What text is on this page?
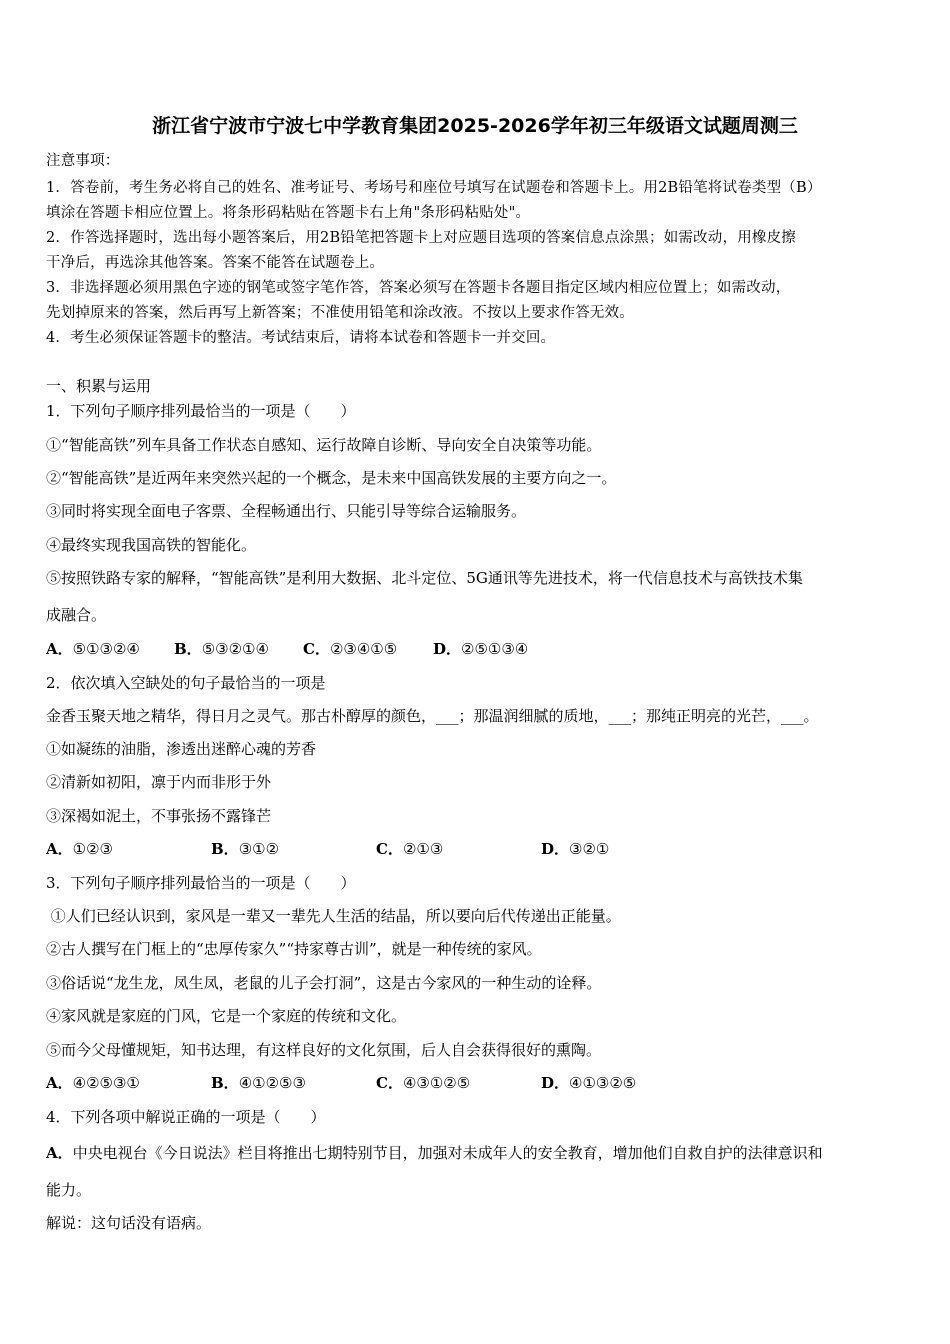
浙江省宁波市宁波七中学教育集团2025-2026学年初三年级语文试题周测三
注意事项：
1．答卷前，考生务必将自己的姓名、准考证号、考场号和座位号填写在试题卷和答题卡上。用2B铅笔将试卷类型（B）
填涂在答题卡相应位置上。将条形码粘贴在答题卡右上角"条形码粘贴处"。
2．作答选择题时，选出每小题答案后，用2B铅笔把答题卡上对应题目选项的答案信息点涂黑；如需改动，用橡皮擦
干净后，再选涂其他答案。答案不能答在试题卷上。
3．非选择题必须用黑色字迹的钢笔或签字笔作答，答案必须写在答题卡各题目指定区域内相应位置上；如需改动，
先划掉原来的答案，然后再写上新答案；不准使用铅笔和涂改液。不按以上要求作答无效。
4．考生必须保证答题卡的整洁。考试结束后，请将本试卷和答题卡一并交回。
一、积累与运用
1．下列句子顺序排列最恰当的一项是（　　）
①“智能高铁”列车具备工作状态自感知、运行故障自诊断、导向安全自决策等功能。
②“智能高铁”是近两年来突然兴起的一个概念，是未来中国高铁发展的主要方向之一。
③同时将实现全面电子客票、全程畅通出行、只能引导等综合运输服务。
④最终实现我国高铁的智能化。
⑤按照铁路专家的解释，“智能高铁”是利用大数据、北斗定位、5G通讯等先进技术，将一代信息技术与高铁技术集
成融合。
A．⑤①③②④ B．⑤③②①④ C．②③④①⑤ D．②⑤①③④
2．依次填入空缺处的句子最恰当的一项是
金香玉聚天地之精华，得日月之灵气。那古朴醇厚的颜色，___；那温润细腻的质地，___；那纯正明亮的光芒，___。
①如凝练的油脂，渗透出迷醉心魂的芳香
②清新如初阳，凛于内而非形于外
③深褐如泥土，不事张扬不露锋芒
A．①②③	B．③①②	C．②①③	D．③②①
3．下列句子顺序排列最恰当的一项是（　　）
①人们已经认识到，家风是一辈又一辈先人生活的结晶，所以要向后代传递出正能量。
②古人撰写在门框上的“忠厚传家久”“持家尊古训”，就是一种传统的家风。
③俗话说“龙生龙，凤生凤，老鼠的儿子会打洞”，这是古今家风的一种生动的诠释。
④家风就是家庭的门风，它是一个家庭的传统和文化。
⑤而今父母懂规矩，知书达理，有这样良好的文化氛围，后人自会获得很好的熏陶。
A．④②⑤③①	B．④①②⑤③	C．④③①②⑤	D．④①③②⑤
4．下列各项中解说正确的一项是（　　）
A．中央电视台《今日说法》栏目将推出七期特别节目，加强对未成年人的安全教育，增加他们自救自护的法律意识和
能力。
解说：这句话没有语病。
